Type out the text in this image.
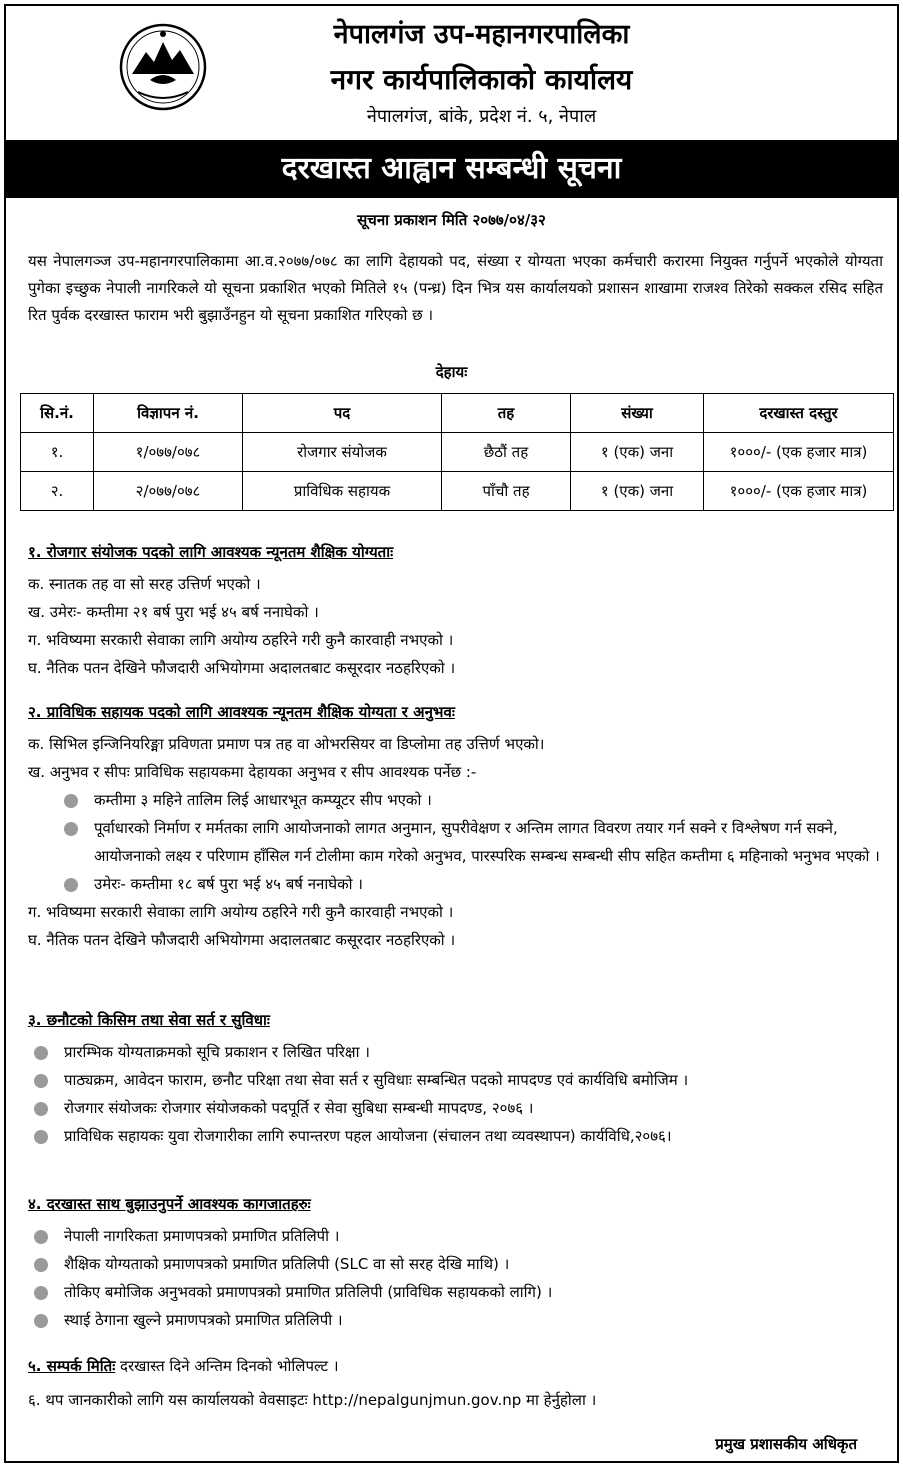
नेपालगंज उप-महानगरपालिका
नगर कार्यपालिकाको कार्यालय
नेपालगंज, बांके, प्रदेश नं. ५, नेपाल
दरखास्त आह्वान सम्बन्धी सूचना
सूचना प्रकाशन मिति २०७७/०४/३२
यस नेपालगञ्ज उप-महानगरपालिकामा आ.व.२०७७/०७८ का लागि देहायको पद, संख्या र योग्यता भएका कर्मचारी करारमा नियुक्त गर्नुपर्ने भएकोले योग्यता पुगेका इच्छुक नेपाली नागरिकले यो सूचना प्रकाशित भएको मितिले १५ (पन्ध्र) दिन भित्र यस कार्यालयको प्रशासन शाखामा राजश्व तिरेको सक्कल रसिद सहित रित पुर्वक दरखास्त फाराम भरी बुझाउँनहुन यो सूचना प्रकाशित गरिएको छ ।
देहायः
सि.नं.	विज्ञापन नं.	पद	तह	संख्या	दरखास्त दस्तुर
१.	१/०७७/०७८	रोजगार संयोजक	छैठौं तह	१ (एक) जना	१०००/- (एक हजार मात्र)
२.	२/०७७/०७८	प्राविधिक सहायक	पाँचौ तह	१ (एक) जना	१०००/- (एक हजार मात्र)
१. रोजगार संयोजक पदको लागि आवश्यक न्यूनतम शैक्षिक योग्यताः
क. स्नातक तह वा सो सरह उत्तिर्ण भएको ।
ख. उमेरः- कम्तीमा २१ बर्ष पुरा भई ४५ बर्ष ननाघेको ।
ग. भविष्यमा सरकारी सेवाका लागि अयोग्य ठहरिने गरी कुनै कारवाही नभएको ।
घ. नैतिक पतन देखिने फौजदारी अभियोगमा अदालतबाट कसूरदार नठहरिएको ।
२. प्राविधिक सहायक पदको लागि आवश्यक न्यूनतम शैक्षिक योग्यता र अनुभवः
क. सिभिल इन्जिनियरिङ्मा प्रविणता प्रमाण पत्र तह वा ओभरसियर वा डिप्लोमा तह उत्तिर्ण भएको।
ख. अनुभव र सीपः प्राविधिक सहायकमा देहायका अनुभव र सीप आवश्यक पर्नेछ :-
कम्तीमा ३ महिने तालिम लिई आधारभूत कम्प्यूटर सीप भएको ।
पूर्वाधारको निर्माण र मर्मतका लागि आयोजनाको लागत अनुमान, सुपरीवेक्षण र अन्तिम लागत विवरण तयार गर्न सक्ने र विश्लेषण गर्न सक्ने, आयोजनाको लक्ष्य र परिणाम हाँसिल गर्न टोलीमा काम गरेको अनुभव, पारस्परिक सम्बन्ध सम्बन्धी सीप सहित कम्तीमा ६ महिनाको भनुभव भएको ।
उमेरः- कम्तीमा १८ बर्ष पुरा भई ४५ बर्ष ननाघेको ।
ग. भविष्यमा सरकारी सेवाका लागि अयोग्य ठहरिने गरी कुनै कारवाही नभएको ।
घ. नैतिक पतन देखिने फौजदारी अभियोगमा अदालतबाट कसूरदार नठहरिएको ।
३. छनौटको किसिम तथा सेवा सर्त र सुविधाः
प्रारम्भिक योग्यताक्रमको सूचि प्रकाशन र लिखित परिक्षा ।
पाठ्यक्रम, आवेदन फाराम, छनौट परिक्षा तथा सेवा सर्त र सुविधाः सम्बन्धित पदको मापदण्ड एवं कार्यविधि बमोजिम ।
रोजगार संयोजकः रोजगार संयोजकको पदपूर्ति र सेवा सुबिधा सम्बन्धी मापदण्ड, २०७६ ।
प्राविधिक सहायकः युवा रोजगारीका लागि रुपान्तरण पहल आयोजना (संचालन तथा व्यवस्थापन) कार्यविधि,२०७६।
४. दरखास्त साथ बुझाउनुपर्ने आवश्यक कागजातहरुः
नेपाली नागरिकता प्रमाणपत्रको प्रमाणित प्रतिलिपी ।
शैक्षिक योग्यताको प्रमाणपत्रको प्रमाणित प्रतिलिपी (SLC वा सो सरह देखि माथि) ।
तोकिए बमोजिक अनुभवको प्रमाणपत्रको प्रमाणित प्रतिलिपी (प्राविधिक सहायकको लागि) ।
स्थाई ठेगाना खुल्ने प्रमाणपत्रको प्रमाणित प्रतिलिपी ।
५. सम्पर्क मितिः दरखास्त दिने अन्तिम दिनको भोलिपल्ट ।
६. थप जानकारीको लागि यस कार्यालयको वेवसाइटः http://nepalgunjmun.gov.np मा हेर्नुहोला ।
प्रमुख प्रशासकीय अधिकृत
